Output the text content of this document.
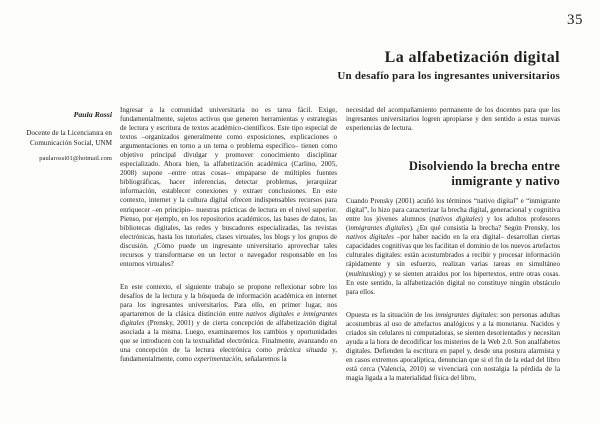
35
La alfabetización digital
Un desafío para los ingresantes universitarios
Paula Rossi
Docente de la Licenciatura en Comunicación Social, UNM
paularossi01@hotmail.com

Ingresar a la comunidad universitaria no es tarea fácil. Exige, fundamentalmente, sujetos activos que generen herramientas y estrategias de lectura y escritura de textos académico-científicos. Este tipo especial de textos –organizados generalmente como exposiciones, explicaciones o argumentaciones en torno a un tema o problema específico– tienen como objetivo principal divulgar y promover conocimiento disciplinar especializado. Ahora bien, la alfabetización académica (Carlino, 2005, 2008) supone –entre otras cosas– empaparse de múltiples fuentes bibliográficas, hacer inferencias, detectar problemas, jerarquizar información, establecer conexiones y extraer conclusiones. En este contexto, internet y la cultura digital ofrecen indispensables recursos para enriquecer –en principio– nuestras prácticas de lectura en el nivel superior. Pienso, por ejemplo, en los repositorios académicos, las bases de datos, las bibliotecas digitales, las redes y buscadores especializadas, las revistas electrónicas, hasta los tutoriales, clases virtuales, los blogs y los grupos de discusión. ¿Cómo puede un ingresante universitario aprovechar tales recursos y transformarse en un lector o navegador responsable en los entornos virtuales?

En este contexto, el siguiente trabajo se propone reflexionar sobre los desafíos de la lectura y la búsqueda de información académica en internet para los ingresantes universitarios. Para ello, en primer lugar, nos apartaremos de la clásica distinción entre nativos digitales e inmigrantes digitales (Prensky, 2001) y de cierta concepción de alfabetización digital asociada a la misma. Luego, examinaremos los cambios y oportunidades que se introducen con la textualidad electrónica. Finalmente, avanzando en una concepción de la lectura electrónica como práctica situada y, fundamentalmente, como experimentación, señalaremos la

necesidad del acompañamiento permanente de los docentes para que los ingresantes universitarios logren apropiarse y den sentido a estas nuevas experiencias de lectura.

Disolviendo la brecha entre inmigrante y nativo

Cuando Prensky (2001) acuñó los términos “nativo digital” e “inmigrante digital”, lo hizo para caracterizar la brecha digital, generacional y cognitiva entre los jóvenes alumnos (nativos digitales) y los adultos profesores (inmigrantes digitales). ¿En qué consistía la brecha? Según Prensky, los nativos digitales –por haber nacido en la era digital– desarrollan ciertas capacidades cognitivas que les facilitan el dominio de los nuevos artefactos culturales digitales: están acostumbrados a recibir y procesar información rápidamente y sin esfuerzo, realizan varias tareas en simultáneo (multitasking) y se sienten atraídos por los hipertextos, entre otras cosas. En este sentido, la alfabetización digital no constituye ningún obstáculo para ellos.

Opuesta es la situación de los inmigrantes digitales: son personas adultas acostumbras al uso de artefactos analógicos y a la monotarea. Nacidos y criados sin celulares ni computadoras, se sienten desorientados y necesitan ayuda a la hora de decodificar los misterios de la Web 2.0. Son analfabetos digitales. Defienden la escritura en papel y, desde una postura alarmista y en casos extremos apocalíptica, denuncian que si el fin de la edad del libro está cerca (Valencia, 2010) se vivenciará con nostalgia la pérdida de la magia ligada a la materialidad física del libro,
